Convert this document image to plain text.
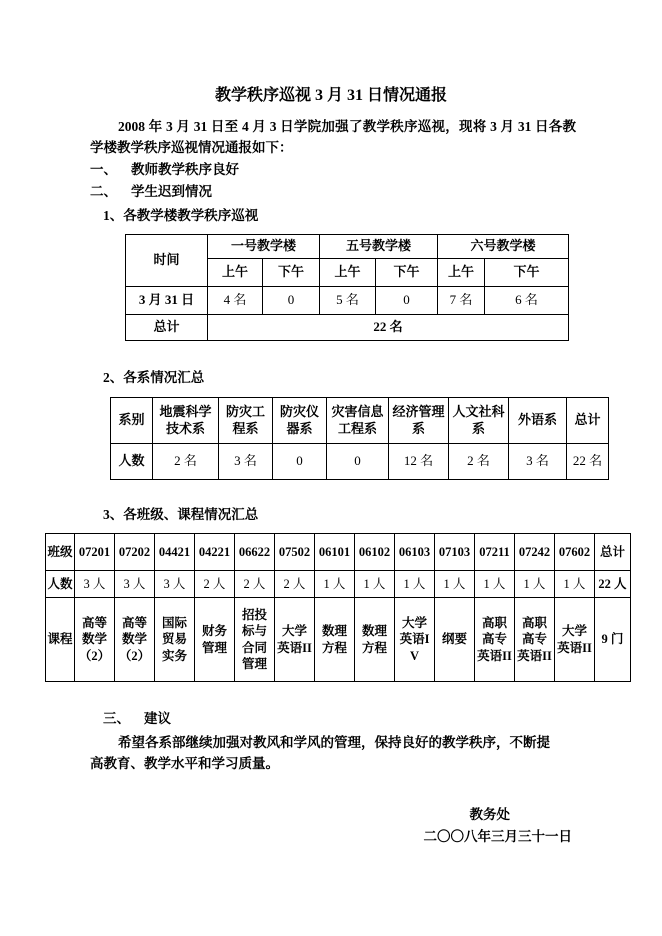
教学秩序巡视 3 月 31 日情况通报

2008 年 3 月 31 日至 4 月 3 日学院加强了教学秩序巡视，现将 3 月 31 日各教学楼教学秩序巡视情况通报如下：

一、 教师教学秩序良好

二、 学生迟到情况

1、各教学楼教学秩序巡视

时间	一号教学楼		五号教学楼		六号教学楼	
	上午	下午	上午	下午	上午	下午
3 月 31 日	4 名	0	5 名	0	7 名	6 名
总计	22 名					

2、各系情况汇总

系别	地震科学技术系	防灾工程系	防灾仪器系	灾害信息工程系	经济管理系	人文社科系	外语系	总计
人数	2 名	3 名	0	0	12 名	2 名	3 名	22 名

3、各班级、课程情况汇总

班级	07201	07202	04421	04221	06622	07502	06101	06102	06103	07103	07211	07242	07602	总计
人数	3 人	3 人	3 人	2 人	2 人	2 人	1 人	1 人	1 人	1 人	1 人	1 人	1 人	22 人
课程	高等数学（2）	高等数学（2）	国际贸易实务	财务管理	招投标与合同管理	大学英语II	数理方程	数理方程	大学英语IV	纲要	高职高专英语II	高职高专英语II	大学英语II	9 门

三、 建议

希望各系部继续加强对教风和学风的管理，保持良好的教学秩序，不断提高教育、教学水平和学习质量。

教务处

二〇〇八年三月三十一日
